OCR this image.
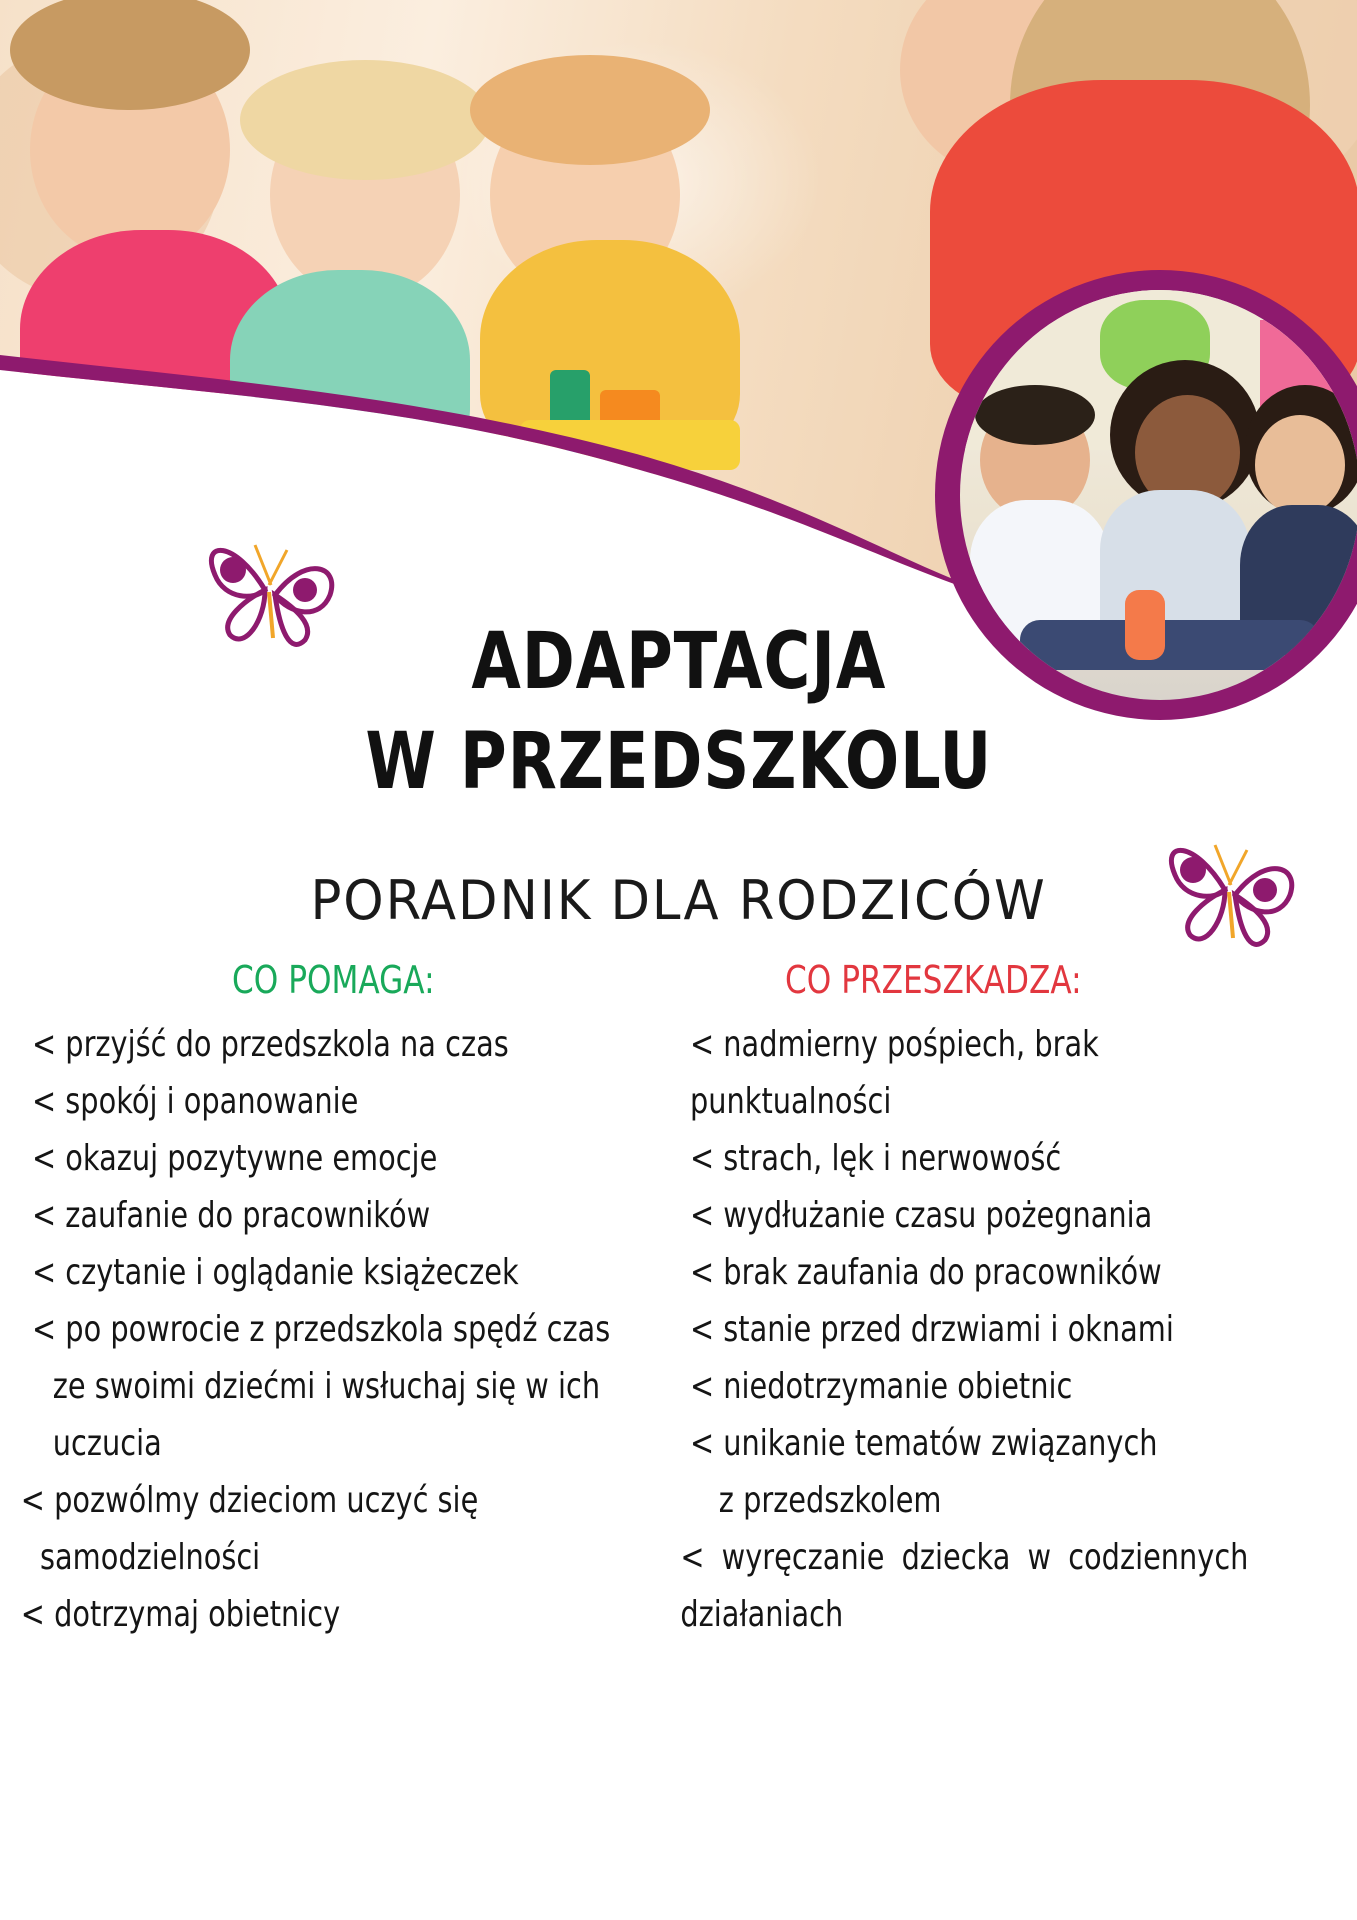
ADAPTACJA
W PRZEDSZKOLU
PORADNIK DLA RODZICÓW
CO POMAGA:	CO PRZESZKADZA:
< przyjść do przedszkola na czas
< spokój i opanowanie
< okazuj pozytywne emocje
< zaufanie do pracowników
< czytanie i oglądanie książeczek
< po powrocie z przedszkola spędź czas
ze swoimi dziećmi i wsłuchaj się w ich
uczucia
< pozwólmy dzieciom uczyć się
samodzielności
< dotrzymaj obietnicy
< nadmierny pośpiech, brak
punktualności
< strach, lęk i nerwowość
< wydłużanie czasu pożegnania
< brak zaufania do pracowników
< stanie przed drzwiami i oknami
< niedotrzymanie obietnic
< unikanie tematów związanych
z przedszkolem
< wyręczanie dziecka w codziennych
działaniach
